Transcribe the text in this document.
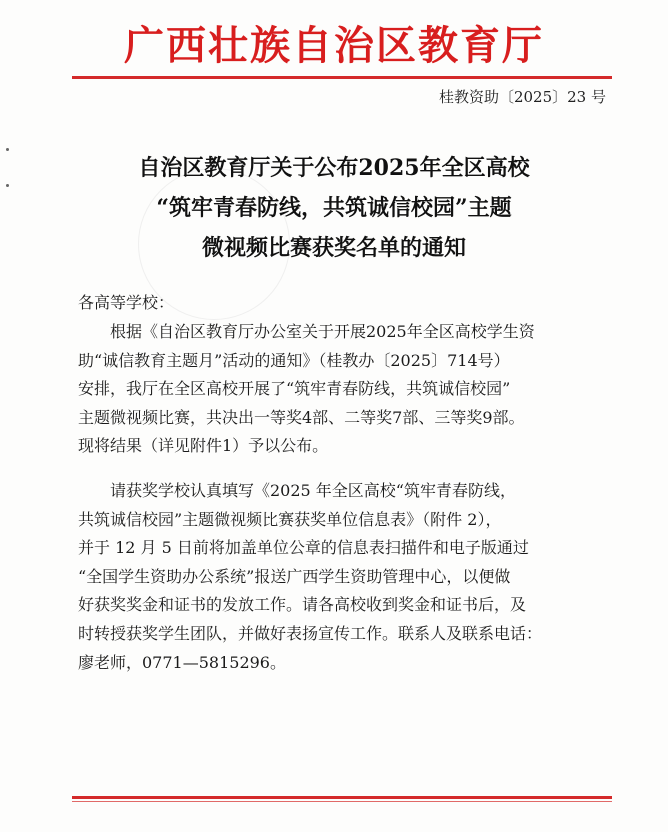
广西壮族自治区教育厅
桂教资助〔2025〕23 号
自治区教育厅关于公布2025年全区高校
“筑牢青春防线，共筑诚信校园”主题
微视频比赛获奖名单的通知
各高等学校：
根据《自治区教育厅办公室关于开展2025年全区高校学生资
助“诚信教育主题月”活动的通知》（桂教办〔2025〕714号）
安排，我厅在全区高校开展了“筑牢青春防线，共筑诚信校园”
主题微视频比赛，共决出一等奖4部、二等奖7部、三等奖9部。
现将结果（详见附件1）予以公布。
请获奖学校认真填写《2025 年全区高校“筑牢青春防线，
共筑诚信校园”主题微视频比赛获奖单位信息表》（附件 2），
并于 12 月 5 日前将加盖单位公章的信息表扫描件和电子版通过
“全国学生资助办公系统”报送广西学生资助管理中心，以便做
好获奖奖金和证书的发放工作。请各高校收到奖金和证书后，及
时转授获奖学生团队，并做好表扬宣传工作。联系人及联系电话：
廖老师，0771—5815296。
